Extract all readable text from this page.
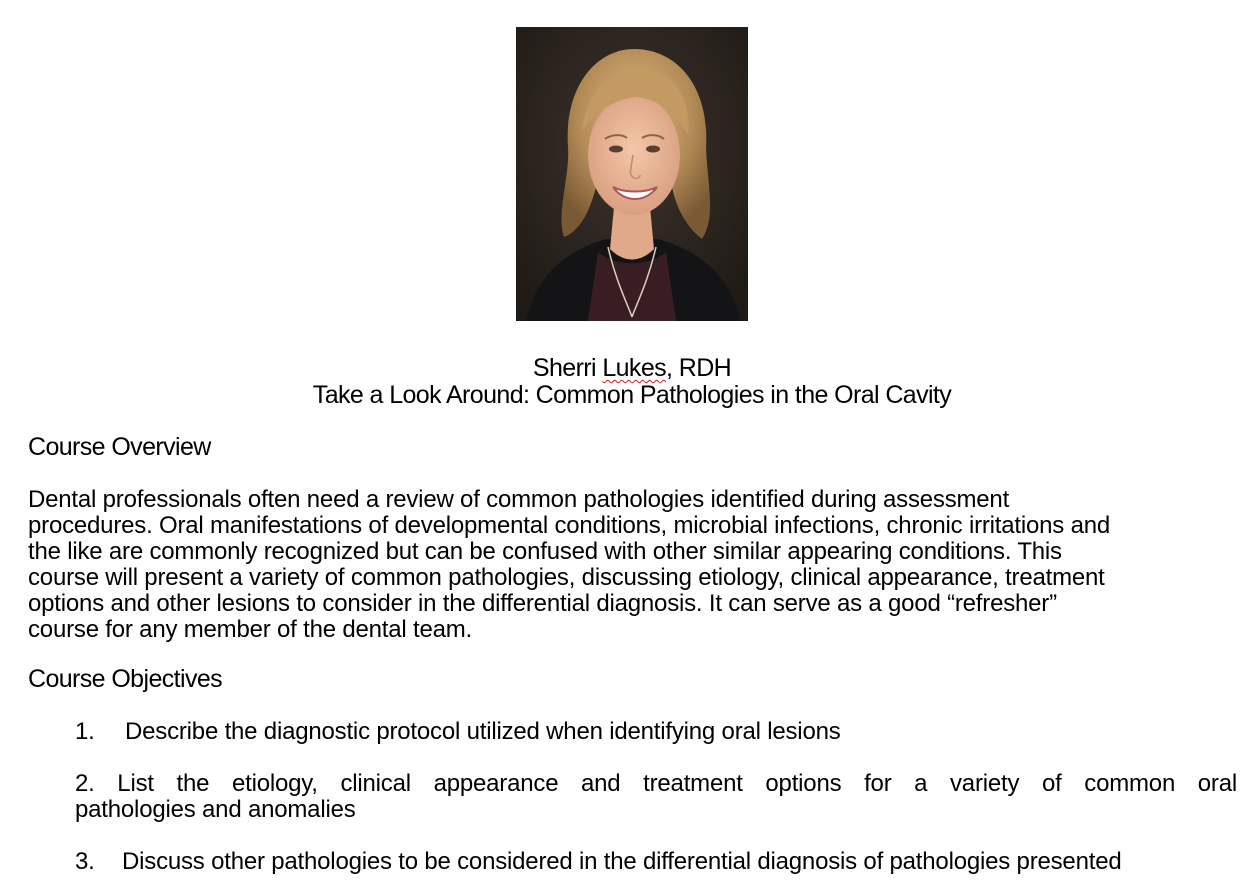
Sherri Lukes, RDH
Take a Look Around: Common Pathologies in the Oral Cavity
Course Overview

Dental professionals often need a review of common pathologies identified during assessment
procedures. Oral manifestations of developmental conditions, microbial infections, chronic irritations and
the like are commonly recognized but can be confused with other similar appearing conditions. This
course will present a variety of common pathologies, discussing etiology, clinical appearance, treatment
options and other lesions to consider in the differential diagnosis. It can serve as a good “refresher”
course for any member of the dental team.

Course Objectives
1. Describe the diagnostic protocol utilized when identifying oral lesions
2. List the etiology, clinical appearance and treatment options for a variety of common oral
pathologies and anomalies
3. Discuss other pathologies to be considered in the differential diagnosis of pathologies presented
